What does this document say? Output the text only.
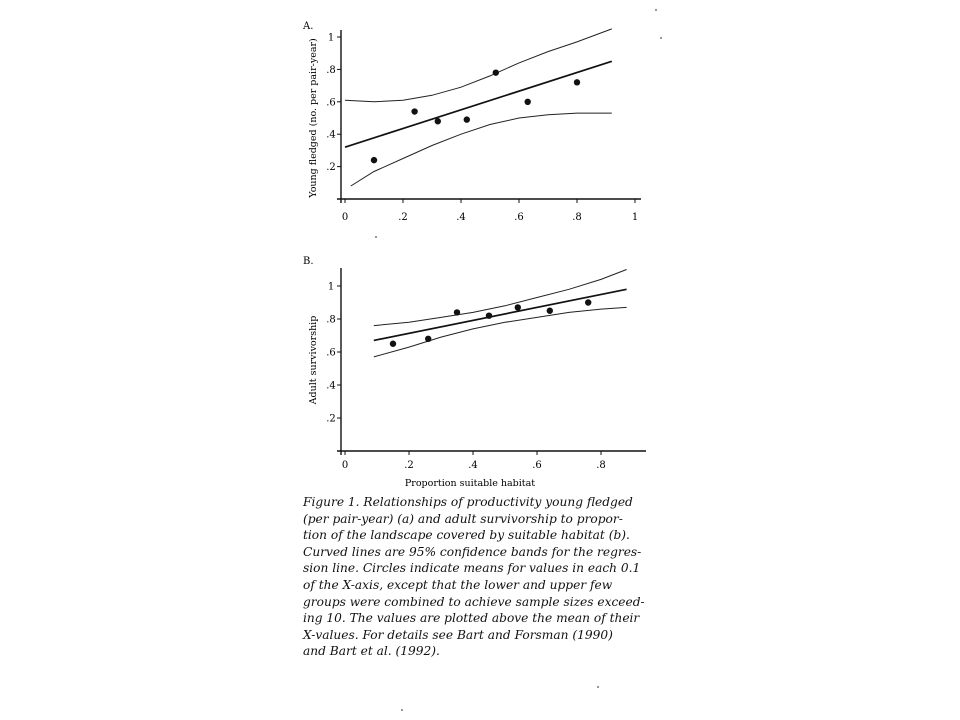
A.
.2
.4
.6
.8
1
0	.2	.4	.6	.8	1
Young fledged (no. per pair-year)
B.
.2
.4
.6
.8
1
0	.2	.4	.6	.8
Adult survivorship
Proportion suitable habitat
Figure 1. Relationships of productivity young fledged
(per pair-year) (a) and adult survivorship to propor-
tion of the landscape covered by suitable habitat (b).
Curved lines are 95% confidence bands for the regres-
sion line. Circles indicate means for values in each 0.1
of the X-axis, except that the lower and upper few
groups were combined to achieve sample sizes exceed-
ing 10. The values are plotted above the mean of their
X-values. For details see Bart and Forsman (1990)
and Bart et al. (1992).
